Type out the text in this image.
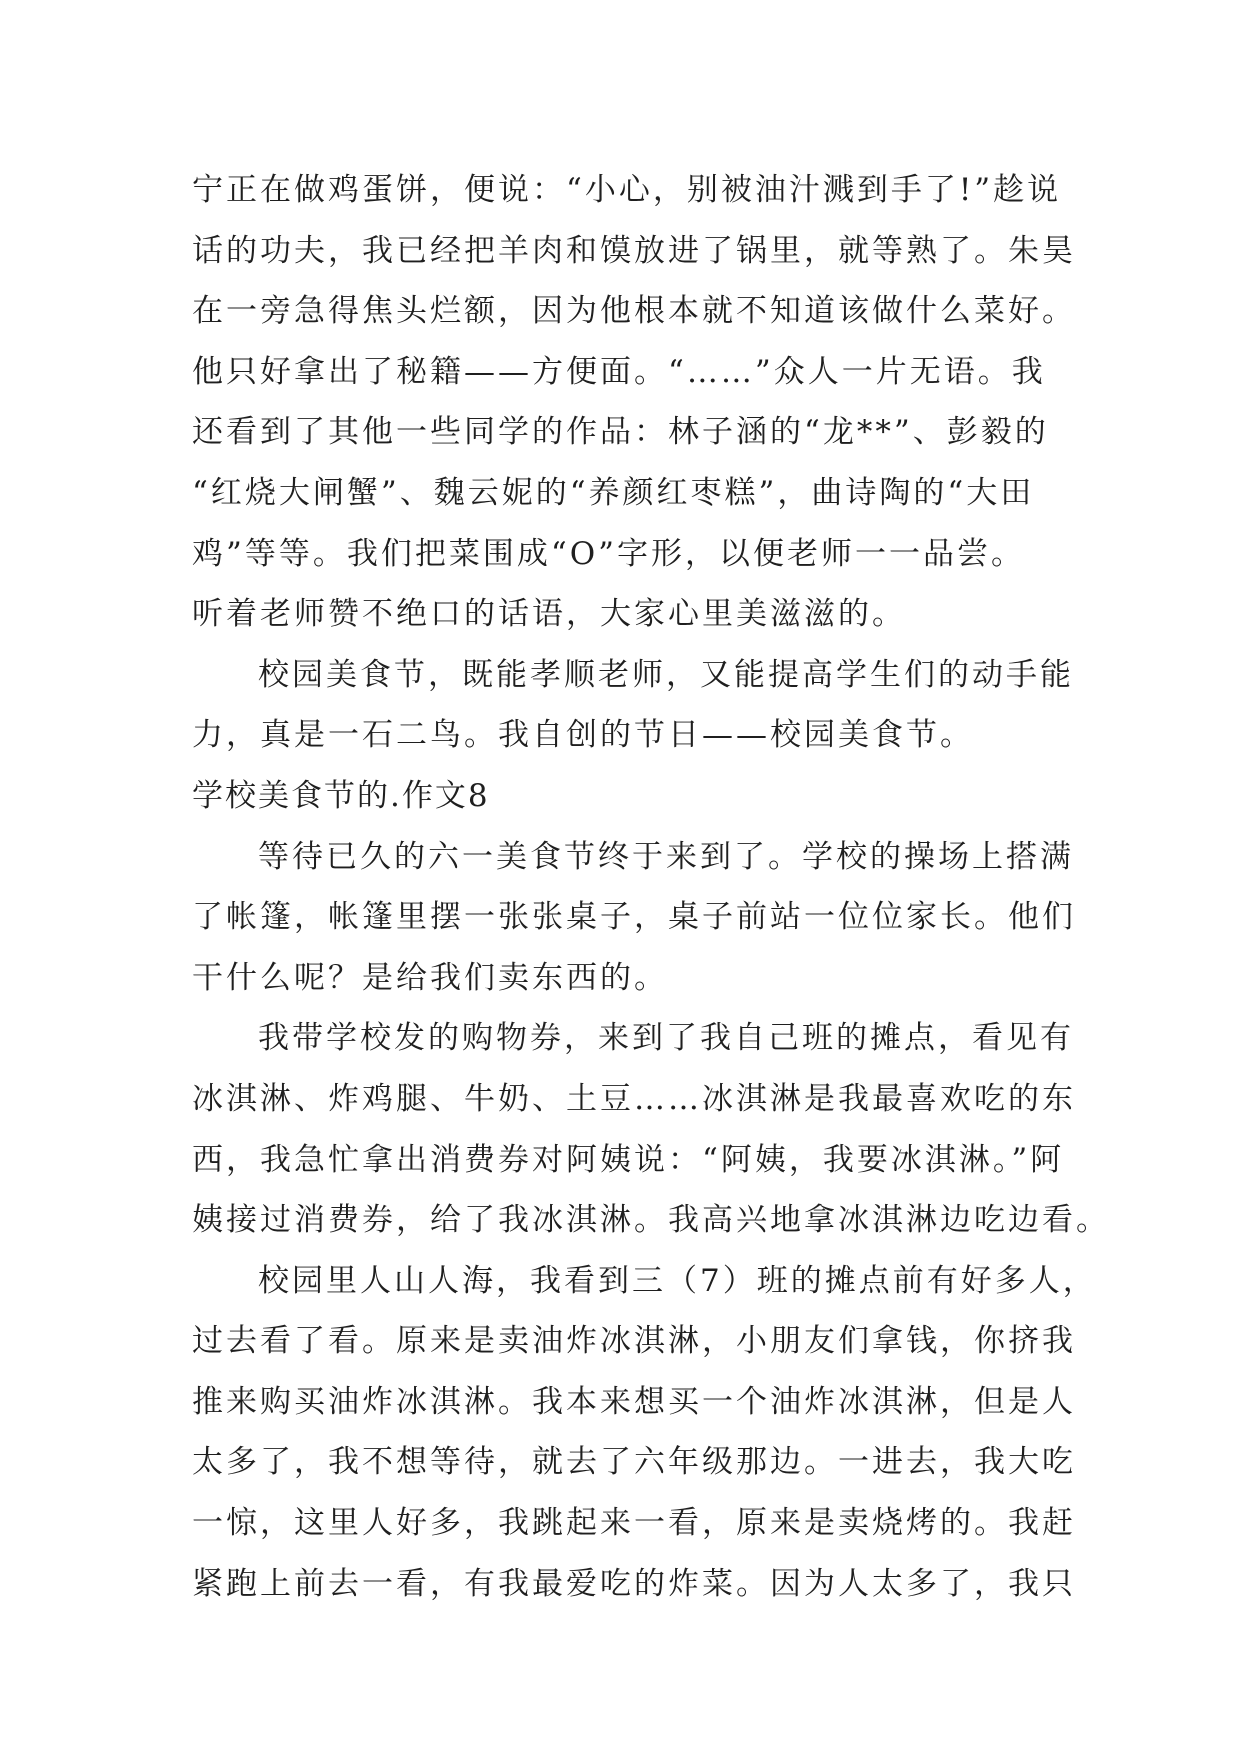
宁正在做鸡蛋饼，便说：“小心，别被油汁溅到手了!”趁说
话的功夫，我已经把羊肉和馍放进了锅里，就等熟了。朱昊
在一旁急得焦头烂额，因为他根本就不知道该做什么菜好。
他只好拿出了秘籍——方便面。“……”众人一片无语。我
还看到了其他一些同学的作品：林子涵的“龙**”、彭毅的
“红烧大闸蟹”、魏云妮的“养颜红枣糕”，曲诗陶的“大田
鸡”等等。我们把菜围成“O”字形，以便老师一一品尝。
听着老师赞不绝口的话语，大家心里美滋滋的。
校园美食节，既能孝顺老师，又能提高学生们的动手能
力，真是一石二鸟。我自创的节日——校园美食节。
学校美食节的.作文8
等待已久的六一美食节终于来到了。学校的操场上搭满
了帐篷，帐篷里摆一张张桌子，桌子前站一位位家长。他们
干什么呢？是给我们卖东西的。
我带学校发的购物券，来到了我自己班的摊点，看见有
冰淇淋、炸鸡腿、牛奶、土豆……冰淇淋是我最喜欢吃的东
西，我急忙拿出消费券对阿姨说：“阿姨，我要冰淇淋。”阿
姨接过消费券，给了我冰淇淋。我高兴地拿冰淇淋边吃边看。
校园里人山人海，我看到三（7）班的摊点前有好多人，
过去看了看。原来是卖油炸冰淇淋，小朋友们拿钱，你挤我
推来购买油炸冰淇淋。我本来想买一个油炸冰淇淋，但是人
太多了，我不想等待，就去了六年级那边。一进去，我大吃
一惊，这里人好多，我跳起来一看，原来是卖烧烤的。我赶
紧跑上前去一看，有我最爱吃的炸菜。因为人太多了，我只
